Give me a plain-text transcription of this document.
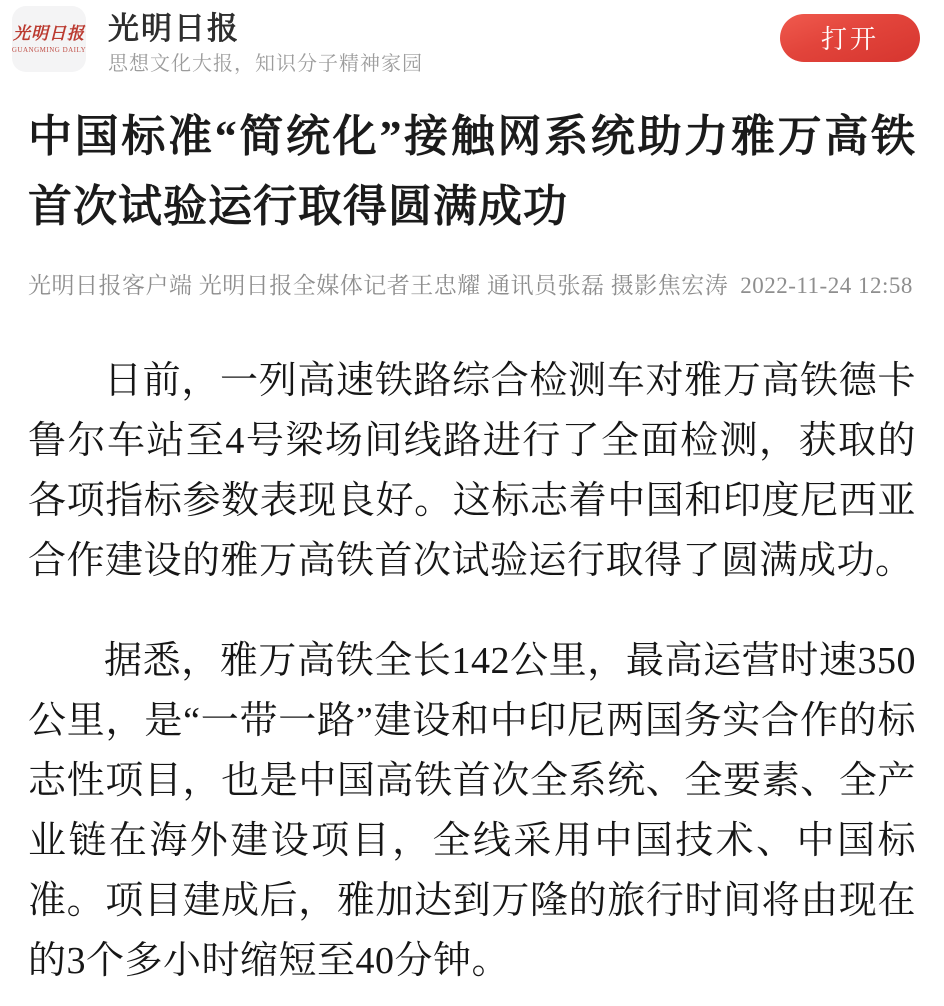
光明日报
GUANGMING DAILY
光明日报
思想文化大报，知识分子精神家园
打开
中国标准“简统化”接触网系统助力雅万高铁首次试验运行取得圆满成功
光明日报客户端 光明日报全媒体记者王忠耀 通讯员张磊 摄影焦宏涛 2022-11-24 12:58

日前，一列高速铁路综合检测车对雅万高铁德卡鲁尔车站至4号梁场间线路进行了全面检测，获取的各项指标参数表现良好。这标志着中国和印度尼西亚合作建设的雅万高铁首次试验运行取得了圆满成功。

据悉，雅万高铁全长142公里，最高运营时速350公里，是“一带一路”建设和中印尼两国务实合作的标志性项目，也是中国高铁首次全系统、全要素、全产业链在海外建设项目，全线采用中国技术、中国标准。项目建成后，雅加达到万隆的旅行时间将由现在的3个多小时缩短至40分钟。
